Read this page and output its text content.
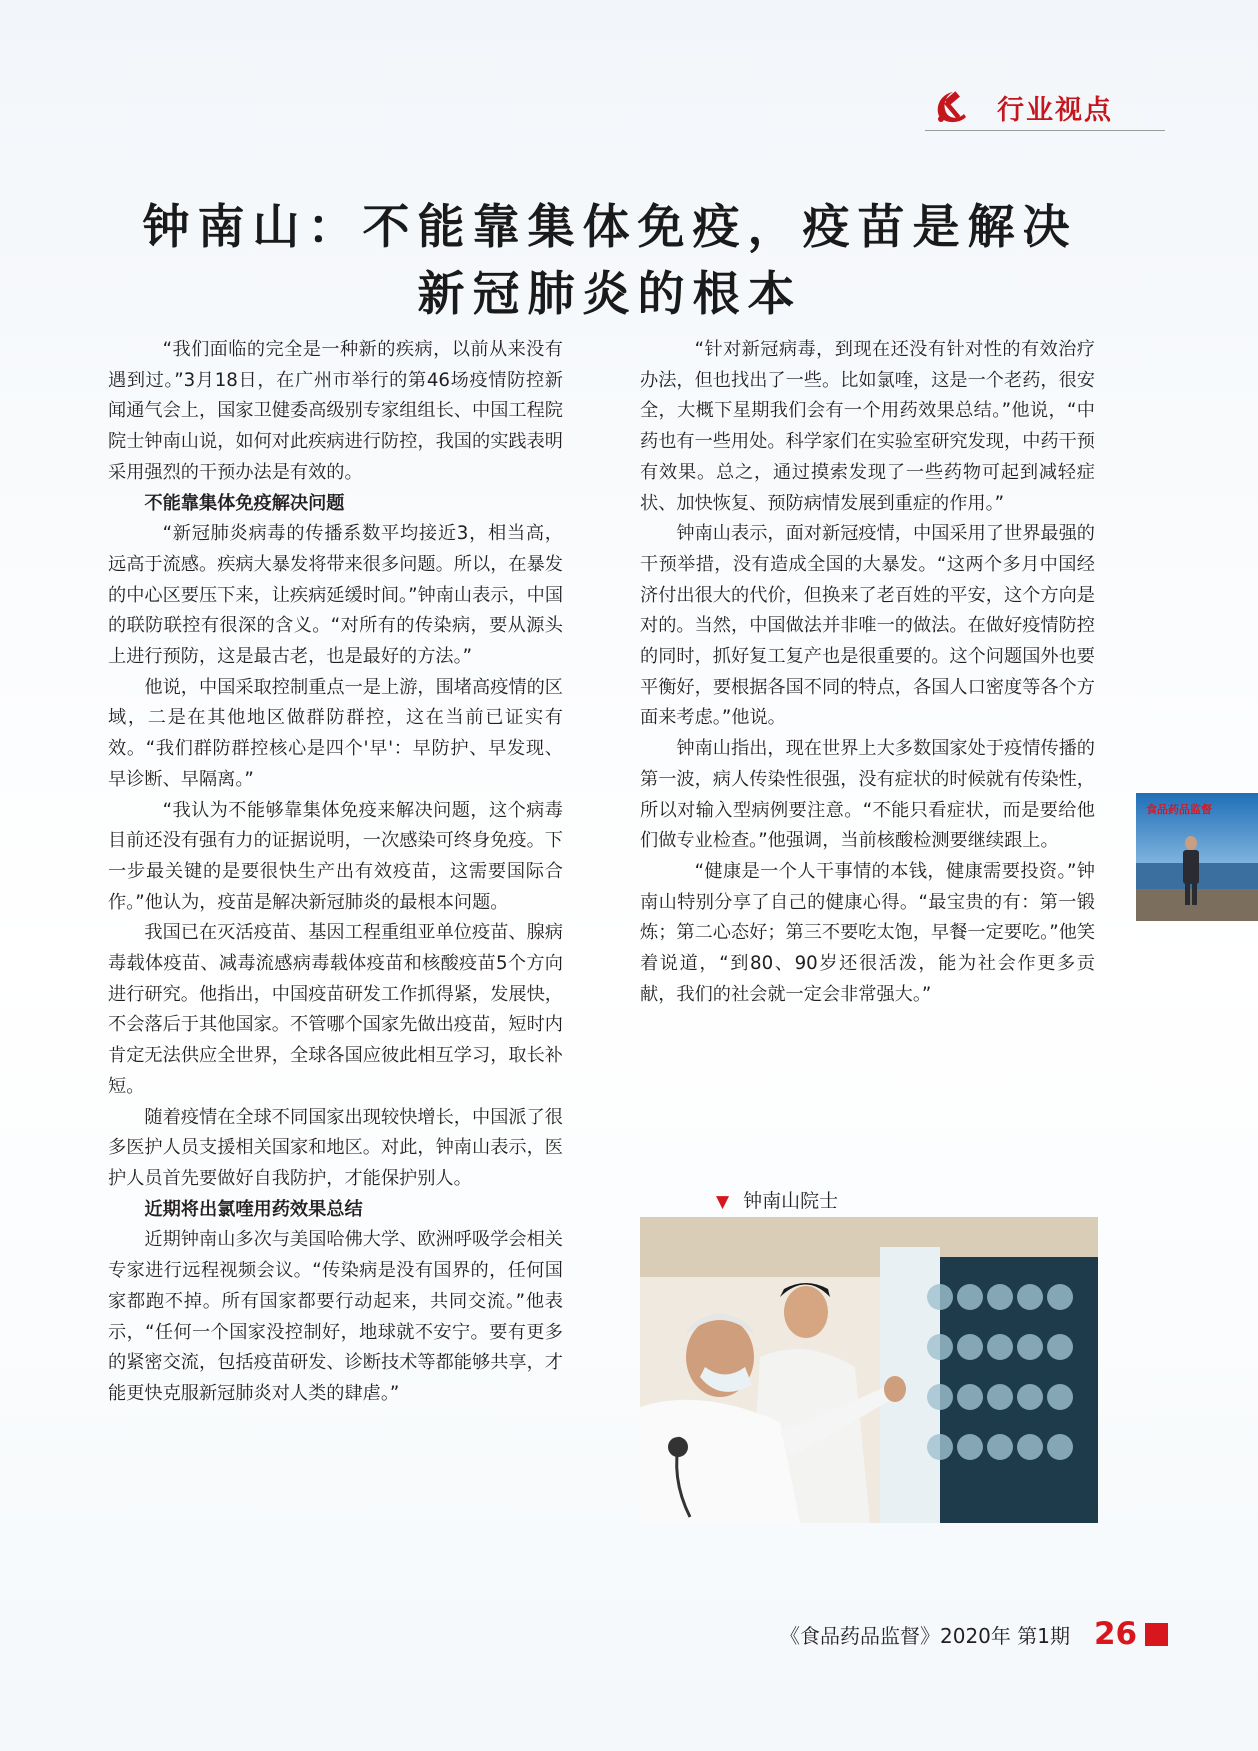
行业视点
钟南山：不能靠集体免疫，疫苗是解决
新冠肺炎的根本

“我们面临的完全是一种新的疾病，以前从来没有遇到过。”3月18日，在广州市举行的第46场疫情防控新闻通气会上，国家卫健委高级别专家组组长、中国工程院院士钟南山说，如何对此疾病进行防控，我国的实践表明采用强烈的干预办法是有效的。

不能靠集体免疫解决问题

“新冠肺炎病毒的传播系数平均接近3，相当高，远高于流感。疾病大暴发将带来很多问题。所以，在暴发的中心区要压下来，让疾病延缓时间。”钟南山表示，中国的联防联控有很深的含义。“对所有的传染病，要从源头上进行预防，这是最古老，也是最好的方法。”

他说，中国采取控制重点一是上游，围堵高疫情的区域，二是在其他地区做群防群控，这在当前已证实有效。“我们群防群控核心是四个'早'：早防护、早发现、早诊断、早隔离。”

“我认为不能够靠集体免疫来解决问题，这个病毒目前还没有强有力的证据说明，一次感染可终身免疫。下一步最关键的是要很快生产出有效疫苗，这需要国际合作。”他认为，疫苗是解决新冠肺炎的最根本问题。

我国已在灭活疫苗、基因工程重组亚单位疫苗、腺病毒载体疫苗、减毒流感病毒载体疫苗和核酸疫苗5个方向进行研究。他指出，中国疫苗研发工作抓得紧，发展快，不会落后于其他国家。不管哪个国家先做出疫苗，短时内肯定无法供应全世界，全球各国应彼此相互学习，取长补短。

随着疫情在全球不同国家出现较快增长，中国派了很多医护人员支援相关国家和地区。对此，钟南山表示，医护人员首先要做好自我防护，才能保护别人。

近期将出氯喹用药效果总结

近期钟南山多次与美国哈佛大学、欧洲呼吸学会相关专家进行远程视频会议。“传染病是没有国界的，任何国家都跑不掉。所有国家都要行动起来，共同交流。”他表示，“任何一个国家没控制好，地球就不安宁。要有更多的紧密交流，包括疫苗研发、诊断技术等都能够共享，才能更快克服新冠肺炎对人类的肆虐。”

“针对新冠病毒，到现在还没有针对性的有效治疗办法，但也找出了一些。比如氯喹，这是一个老药，很安全，大概下星期我们会有一个用药效果总结。”他说，“中药也有一些用处。科学家们在实验室研究发现，中药干预有效果。总之，通过摸索发现了一些药物可起到减轻症状、加快恢复、预防病情发展到重症的作用。”

钟南山表示，面对新冠疫情，中国采用了世界最强的干预举措，没有造成全国的大暴发。“这两个多月中国经济付出很大的代价，但换来了老百姓的平安，这个方向是对的。当然，中国做法并非唯一的做法。在做好疫情防控的同时，抓好复工复产也是很重要的。这个问题国外也要平衡好，要根据各国不同的特点，各国人口密度等各个方面来考虑。”他说。

钟南山指出，现在世界上大多数国家处于疫情传播的第一波，病人传染性很强，没有症状的时候就有传染性，所以对输入型病例要注意。“不能只看症状，而是要给他们做专业检查。”他强调，当前核酸检测要继续跟上。

“健康是一个人干事情的本钱，健康需要投资。”钟南山特别分享了自己的健康心得。“最宝贵的有：第一锻炼；第二心态好；第三不要吃太饱，早餐一定要吃。”他笑着说道，“到80、90岁还很活泼，能为社会作更多贡献，我们的社会就一定会非常强大。”

食品药品监督
▼ 钟南山院士
《食品药品监督》2020年 第1期 26
